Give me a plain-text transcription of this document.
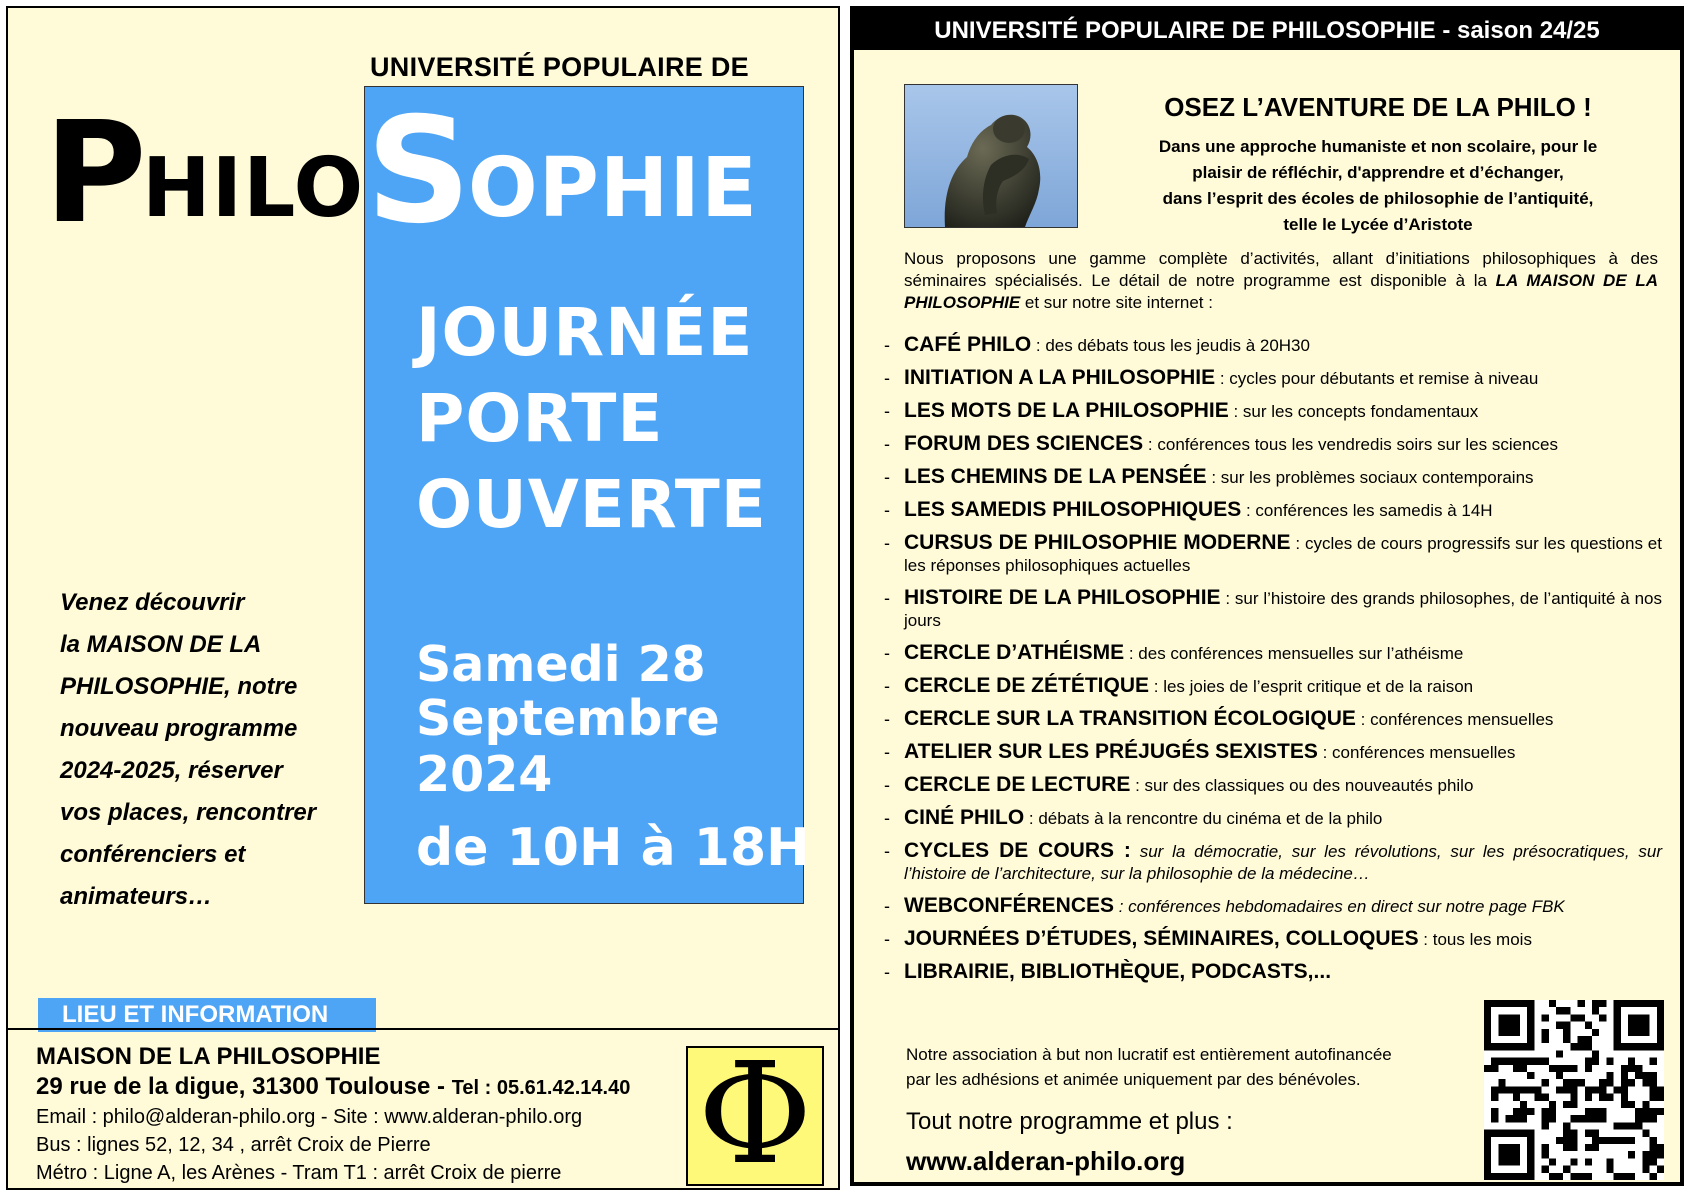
UNIVERSITÉ POPULAIRE DE
P
HILO S
OPHIE
JOURNÉE
PORTE
OUVERTE
Samedi 28
Septembre
2024
de 10H à 18H
Venez découvrir
la MAISON DE LA
PHILOSOPHIE, notre
nouveau programme
2024-2025, réserver
vos places, rencontrer
conférenciers et
animateurs…
LIEU ET INFORMATION
MAISON DE LA PHILOSOPHIE
29 rue de la digue, 31300 Toulouse - Tel : 05.61.42.14.40
Email : philo@alderan-philo.org - Site : www.alderan-philo.org
Bus : lignes 52, 12, 34 , arrêt Croix de Pierre
Métro : Ligne A, les Arènes - Tram T1 : arrêt Croix de pierre Φ
UNIVERSITÉ POPULAIRE DE PHILOSOPHIE - saison 24/25
OSEZ L’AVENTURE DE LA PHILO !
Dans une approche humaniste et non scolaire, pour le
plaisir de réfléchir, d'apprendre et d’échanger,
dans l’esprit des écoles de philosophie de l’antiquité,
telle le Lycée d’Aristote
Nous proposons une gamme complète d’activités, allant d’initiations philosophiques à des séminaires spécialisés. Le détail de notre programme est disponible à la LA MAISON DE LA PHILOSOPHIE et sur notre site internet :
- CAFÉ PHILO : des débats tous les jeudis à 20H30
- INITIATION A LA PHILOSOPHIE : cycles pour débutants et remise à niveau
- LES MOTS DE LA PHILOSOPHIE : sur les concepts fondamentaux
- FORUM DES SCIENCES : conférences tous les vendredis soirs sur les sciences
- LES CHEMINS DE LA PENSÉE : sur les problèmes sociaux contemporains
- LES SAMEDIS PHILOSOPHIQUES : conférences les samedis à 14H
- CURSUS DE PHILOSOPHIE MODERNE : cycles de cours progressifs sur les questions et les réponses philosophiques actuelles
- HISTOIRE DE LA PHILOSOPHIE : sur l’histoire des grands philosophes, de l’antiquité à nos jours
- CERCLE D’ATHÉISME : des conférences mensuelles sur l’athéisme
- CERCLE DE ZÉTÉTIQUE : les joies de l’esprit critique et de la raison
- CERCLE SUR LA TRANSITION ÉCOLOGIQUE : conférences mensuelles
- ATELIER SUR LES PRÉJUGÉS SEXISTES : conférences mensuelles
- CERCLE DE LECTURE : sur des classiques ou des nouveautés philo
- CINÉ PHILO : débats à la rencontre du cinéma et de la philo
- CYCLES DE COURS : sur la démocratie, sur les révolutions, sur les présocratiques, sur l’histoire de l’architecture, sur la philosophie de la médecine…
- WEBCONFÉRENCES : conférences hebdomadaires en direct sur notre page FBK
- JOURNÉES D’ÉTUDES, SÉMINAIRES, COLLOQUES : tous les mois
- LIBRAIRIE, BIBLIOTHÈQUE, PODCASTS,...
Notre association à but non lucratif est entièrement autofinancée
par les adhésions et animée uniquement par des bénévoles.
Tout notre programme et plus :
www.alderan-philo.org
